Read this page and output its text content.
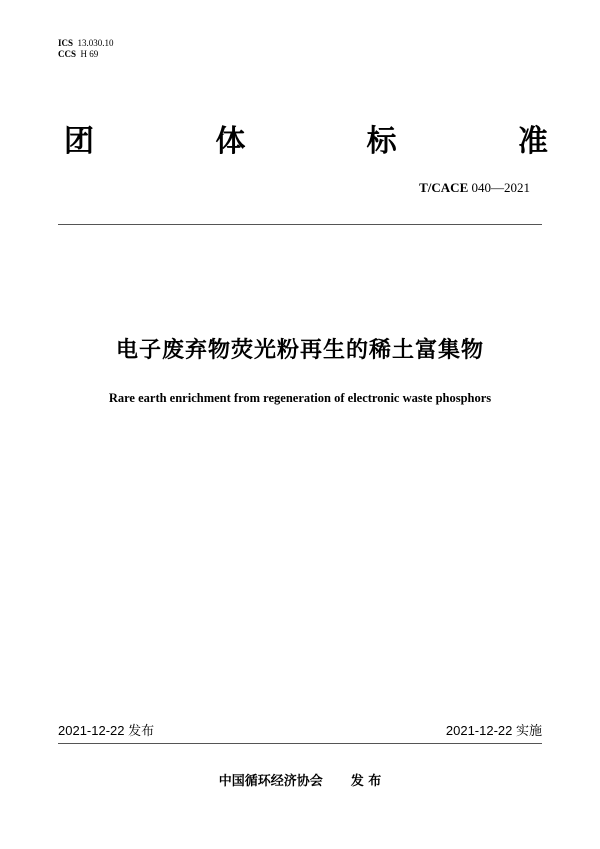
ICS 13.030.10
CCS H 69
团	体	标	准
T/CACE 040—2021
电子废弃物荧光粉再生的稀土富集物
Rare earth enrichment from regeneration of electronic waste phosphors
2021-12-22 发布	2021-12-22 实施
中国循环经济协会 发 布
